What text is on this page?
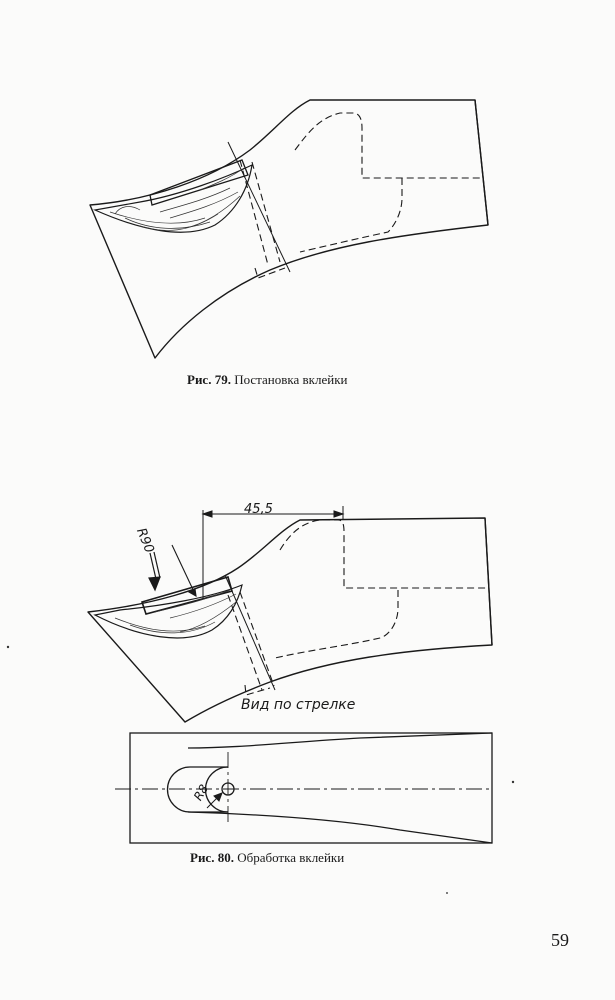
45,5
R90
Вид по стрелке
R8
Рис. 79. Постановка вклейки
Рис. 80. Обработка вклейки
59
